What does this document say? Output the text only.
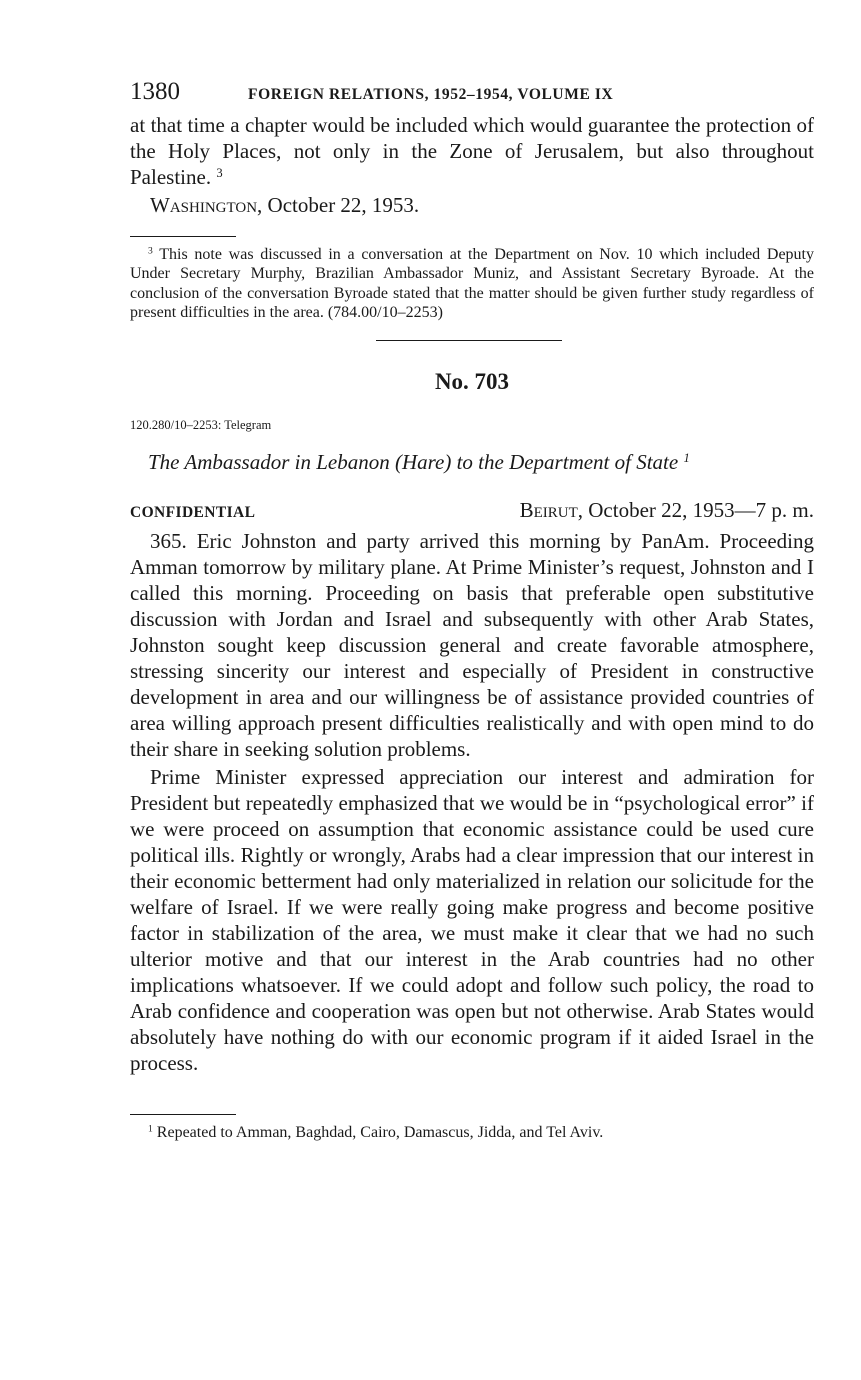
1380	FOREIGN RELATIONS, 1952–1954, VOLUME IX

at that time a chapter would be included which would guarantee the protection of the Holy Places, not only in the Zone of Jerusalem, but also throughout Palestine. $^3$

Washington, October 22, 1953.

$^3$ This note was discussed in a conversation at the Department on Nov. 10 which included Deputy Under Secretary Murphy, Brazilian Ambassador Muniz, and Assistant Secretary Byroade. At the conclusion of the conversation Byroade stated that the matter should be given further study regardless of present difficulties in the area. (784.00/10–2253)

No. 703
120.280/10–2253: Telegram
The Ambassador in Lebanon (Hare) to the Department of State $^1$
CONFIDENTIAL	Beirut, October 22, 1953—7 p. m.

365. Eric Johnston and party arrived this morning by PanAm. Proceeding Amman tomorrow by military plane. At Prime Minister’s request, Johnston and I called this morning. Proceeding on basis that preferable open substitutive discussion with Jordan and Israel and subsequently with other Arab States, Johnston sought keep discussion general and create favorable atmosphere, stressing sincerity our interest and especially of President in constructive development in area and our willingness be of assistance provided countries of area willing approach present difficulties realistically and with open mind to do their share in seeking solution problems.

Prime Minister expressed appreciation our interest and admiration for President but repeatedly emphasized that we would be in “psychological error” if we were proceed on assumption that economic assistance could be used cure political ills. Rightly or wrongly, Arabs had a clear impression that our interest in their economic betterment had only materialized in relation our solicitude for the welfare of Israel. If we were really going make progress and become positive factor in stabilization of the area, we must make it clear that we had no such ulterior motive and that our interest in the Arab countries had no other implications whatsoever. If we could adopt and follow such policy, the road to Arab confidence and cooperation was open but not otherwise. Arab States would absolutely have nothing do with our economic program if it aided Israel in the process.

$^1$ Repeated to Amman, Baghdad, Cairo, Damascus, Jidda, and Tel Aviv.
